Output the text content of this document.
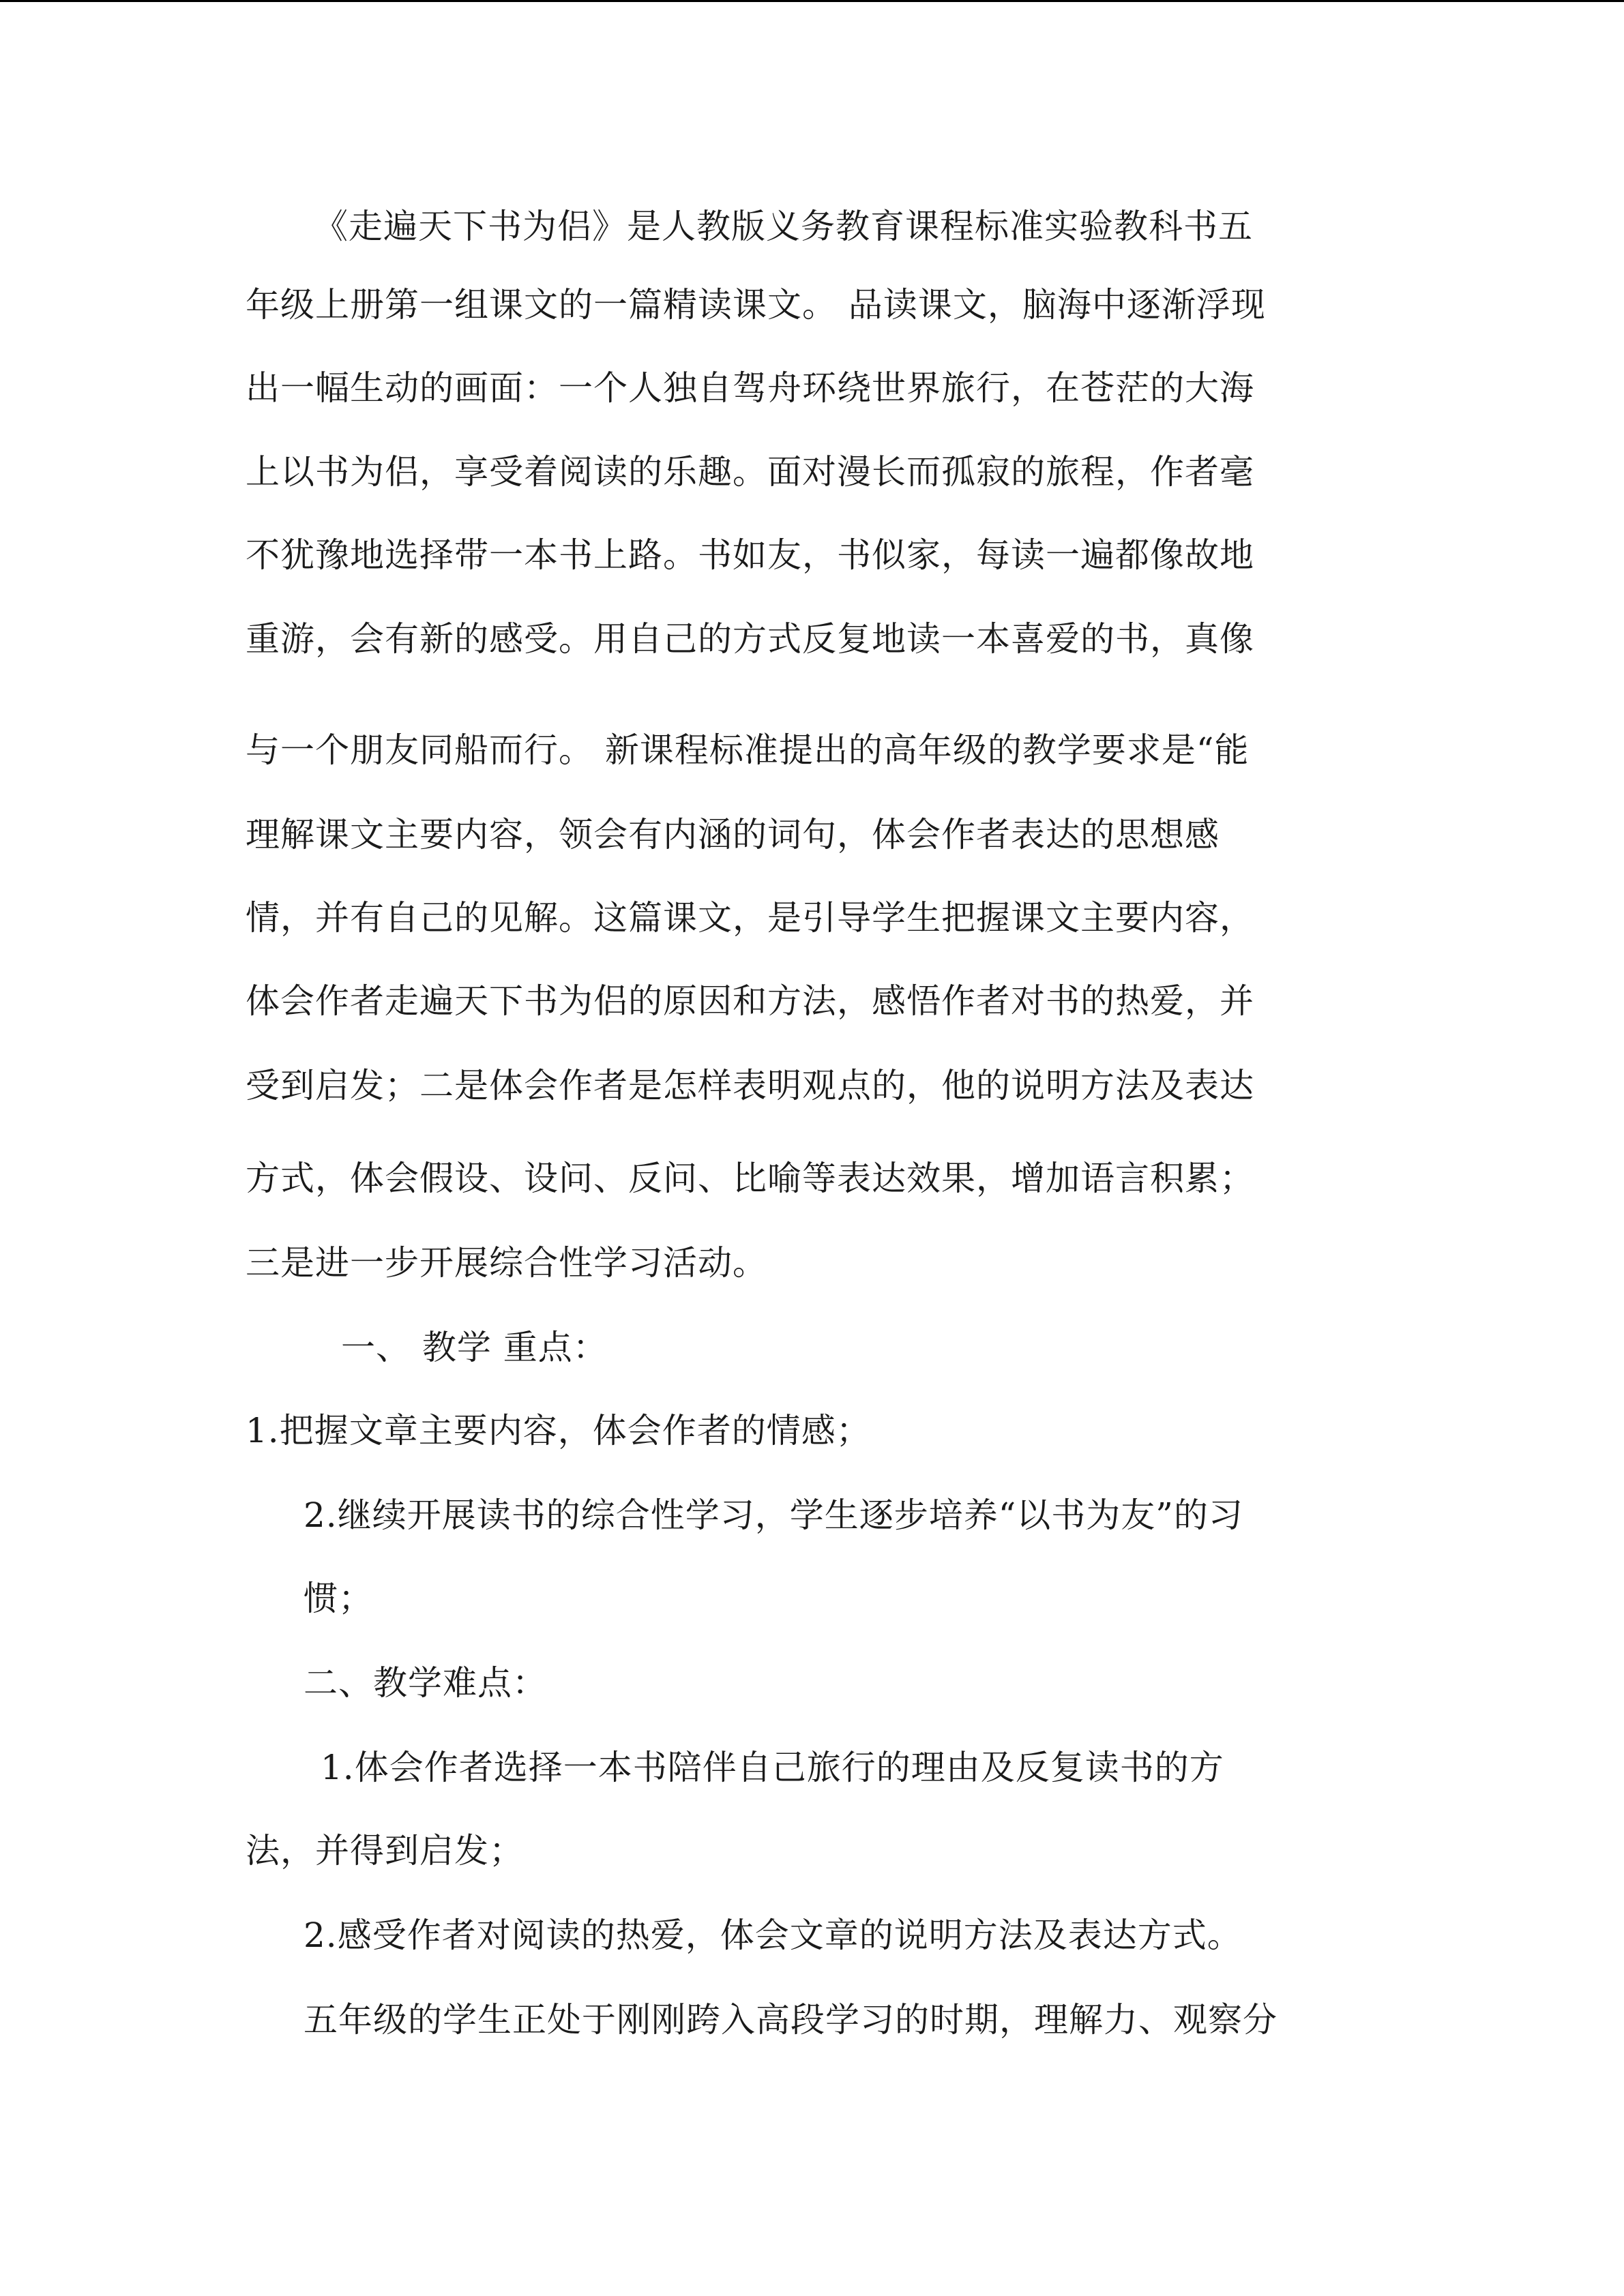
《走遍天下书为侣》是人教版义务教育课程标准实验教科书五
年级上册第一组课文的一篇精读课文。 品读课文，脑海中逐渐浮现
出一幅生动的画面：一个人独自驾舟环绕世界旅行，在苍茫的大海
上以书为侣，享受着阅读的乐趣。面对漫长而孤寂的旅程，作者毫
不犹豫地选择带一本书上路。书如友，书似家，每读一遍都像故地
重游，会有新的感受。用自己的方式反复地读一本喜爱的书，真像
与一个朋友同船而行。 新课程标准提出的高年级的教学要求是“能
理解课文主要内容，领会有内涵的词句，体会作者表达的思想感
情，并有自己的见解。这篇课文，是引导学生把握课文主要内容，
体会作者走遍天下书为侣的原因和方法，感悟作者对书的热爱，并
受到启发；二是体会作者是怎样表明观点的，他的说明方法及表达
方式，体会假设、设问、反问、比喻等表达效果，增加语言积累；
三是进一步开展综合性学习活动。
一、 教学 重点：
1.把握文章主要内容，体会作者的情感；
2.继续开展读书的综合性学习，学生逐步培养“以书为友”的习
惯；
二、教学难点：
1.体会作者选择一本书陪伴自己旅行的理由及反复读书的方
法，并得到启发；
2.感受作者对阅读的热爱，体会文章的说明方法及表达方式。
五年级的学生正处于刚刚跨入高段学习的时期，理解力、观察分
